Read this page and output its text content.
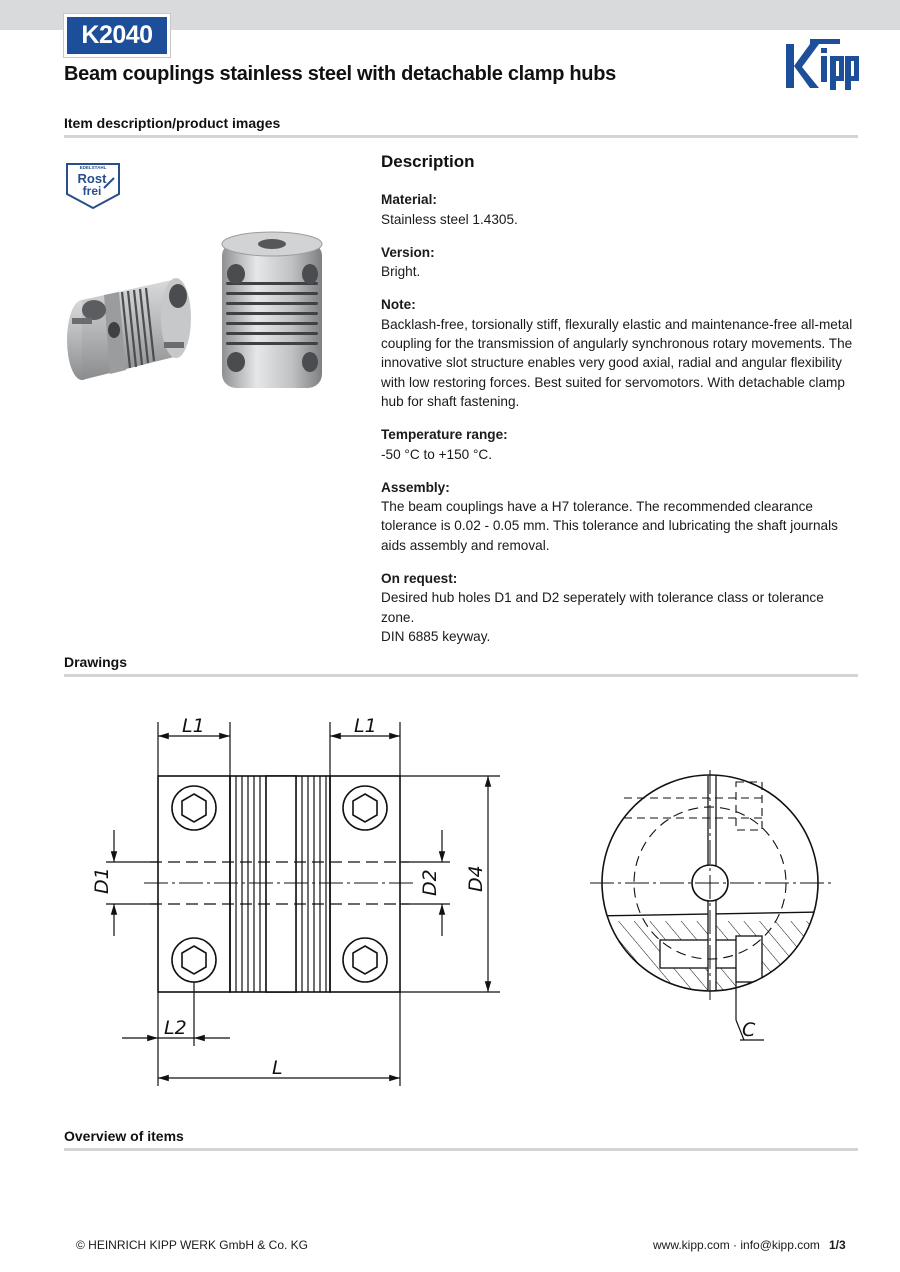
K2040
Beam couplings stainless steel with detachable clamp hubs
Item description/product images
EDELSTAHL
Rost
frei
Description
Material:
Stainless steel 1.4305.
Version:
Bright.
Note:
Backlash-free, torsionally stiff, flexurally elastic and maintenance-free all-metal coupling for the transmission of angularly synchronous rotary movements. The innovative slot structure enables very good axial, radial and angular flexibility with low restoring forces. Best suited for servomotors. With detachable clamp hub for shaft fastening.
Temperature range:
-50 °C to +150 °C.
Assembly:
The beam couplings have a H7 tolerance. The recommended clearance tolerance is 0.02 - 0.05 mm. This tolerance and lubricating the shaft journals aids assembly and removal.
On request:
Desired hub holes D1 and D2 seperately with tolerance class or tolerance zone.
DIN 6885 keyway.
Drawings
L1	L1
D1	D2 D4
L2
L
C
Overview of items
© HEINRICH KIPP WERK GmbH & Co. KG	www.kipp.com · info@kipp.com 1/3
